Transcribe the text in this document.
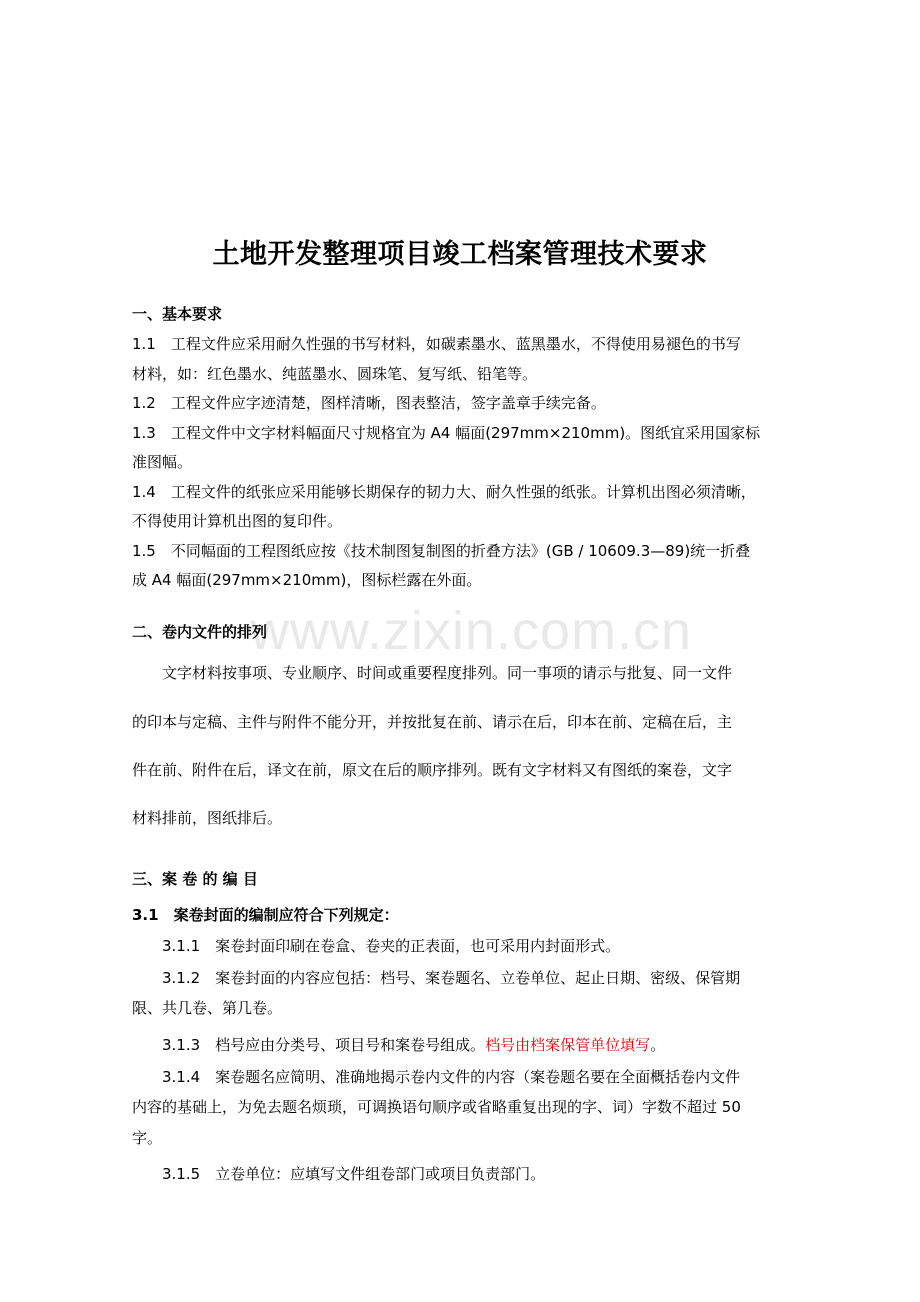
www.zixin.com.cn
土地开发整理项目竣工档案管理技术要求

一、基本要求

1.1　工程文件应采用耐久性强的书写材料，如碳素墨水、蓝黑墨水，不得使用易褪色的书写

材料，如：红色墨水、纯蓝墨水、圆珠笔、复写纸、铅笔等。

1.2　工程文件应字迹清楚，图样清晰，图表整洁，签字盖章手续完备。

1.3　工程文件中文字材料幅面尺寸规格宜为 A4 幅面(297mm×210mm)。图纸宜采用国家标

准图幅。

1.4　工程文件的纸张应采用能够长期保存的韧力大、耐久性强的纸张。计算机出图必须清晰，

不得使用计算机出图的复印件。

1.5　不同幅面的工程图纸应按《技术制图复制图的折叠方法》(GB / 10609.3—89)统一折叠

成 A4 幅面(297mm×210mm)，图标栏露在外面。

二、卷内文件的排列

　　文字材料按事项、专业顺序、时间或重要程度排列。同一事项的请示与批复、同一文件

的印本与定稿、主件与附件不能分开，并按批复在前、请示在后，印本在前、定稿在后，主

件在前、附件在后，译文在前，原文在后的顺序排列。既有文字材料又有图纸的案卷，文字

材料排前，图纸排后。

三、案 卷 的 编 目

3.1　案卷封面的编制应符合下列规定：

　　3.1.1　案卷封面印刷在卷盒、卷夹的正表面，也可采用内封面形式。

　　3.1.2　案卷封面的内容应包括：档号、案卷题名、立卷单位、起止日期、密级、保管期

限、共几卷、第几卷。

　　3.1.3　档号应由分类号、项目号和案卷号组成。档号由档案保管单位填写。

　　3.1.4　案卷题名应简明、准确地揭示卷内文件的内容（案卷题名要在全面概括卷内文件

内容的基础上，为免去题名烦琐，可调换语句顺序或省略重复出现的字、词）字数不超过 50

字。

　　3.1.5　立卷单位：应填写文件组卷部门或项目负责部门。
